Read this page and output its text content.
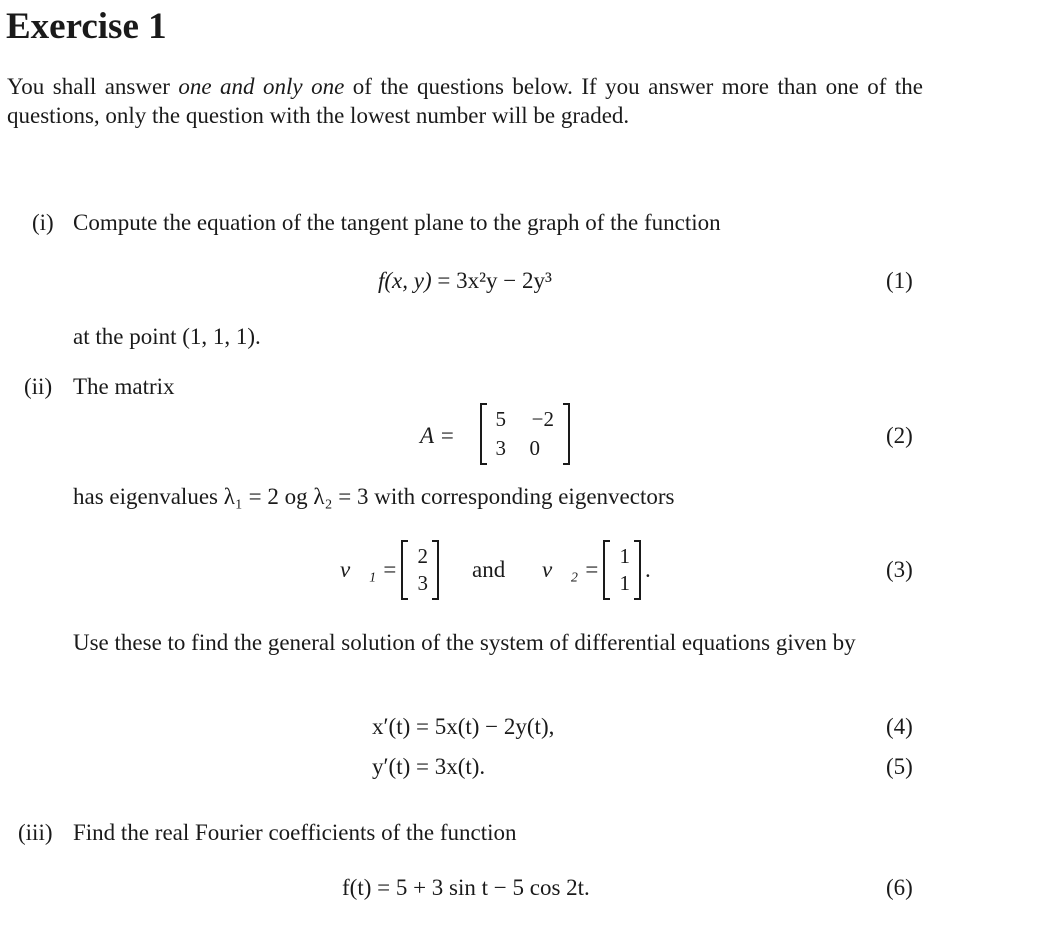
Exercise 1
You shall answer one and only one of the questions below. If you answer more than one of the questions, only the question with the lowest number will be graded.
(i) Compute the equation of the tangent plane to the graph of the function
f(x, y) = 3x²y − 2y³	(1)
at the point (1, 1, 1).
(ii) The matrix
A =
5	−2
3	0	(2)
has eigenvalues λ₁ = 2 og λ₂ = 3 with corresponding eigenvectors
v⃗₁ =
2
3
and v⃗₂ =
1
1
.	(3)
Use these to find the general solution of the system of differential equations given by
x′(t) = 5x(t) − 2y(t),	(4)
y′(t) = 3x(t).	(5)
(iii) Find the real Fourier coefficients of the function
f(t) = 5 + 3 sin t − 5 cos 2t.	(6)
